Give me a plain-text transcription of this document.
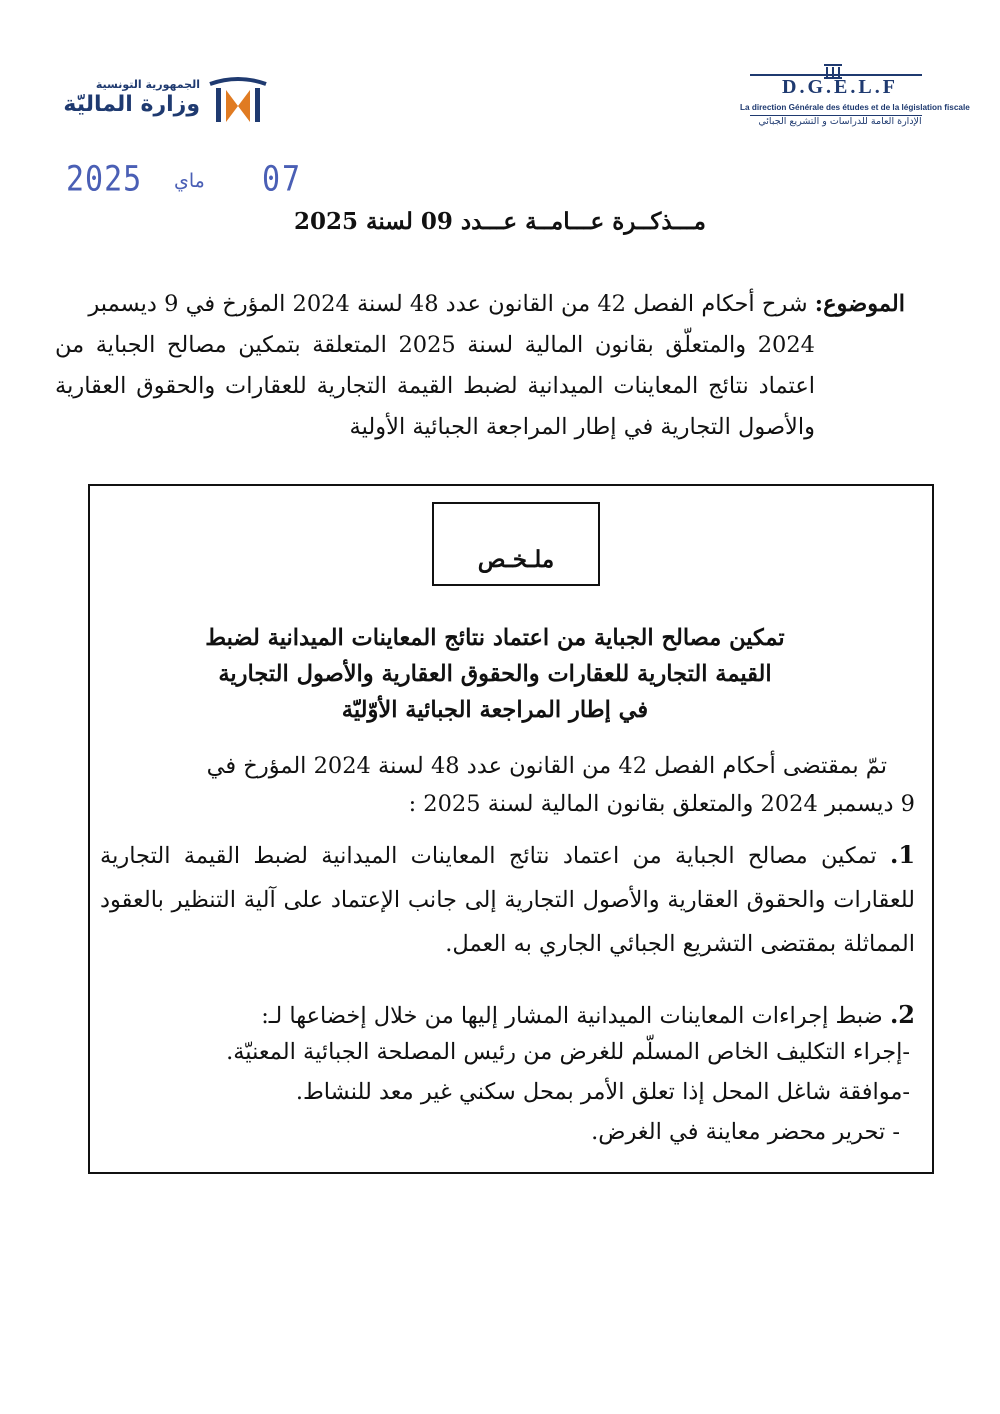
D.G.E.L.F
La direction Générale des études et de la législation fiscale
الإدارة العامة للدراسات و التشريع الجبائي
الجمهورية التونسية
وزارة الماليّة
2025 ماي 07
مـــذكــرة عـــامــة عـــدد 09 لسنة 2025
الموضوع: شرح أحكام الفصل 42 من القانون عدد 48 لسنة 2024 المؤرخ في 9 ديسمبر
2024 والمتعلّق بقانون المالية لسنة 2025 المتعلقة بتمكين مصالح الجباية من اعتماد نتائج المعاينات الميدانية لضبط القيمة التجارية للعقارات والحقوق العقارية والأصول التجارية في إطار المراجعة الجبائية الأولية
ملـخـص
تمكين مصالح الجباية من اعتماد نتائج المعاينات الميدانية لضبط
القيمة التجارية للعقارات والحقوق العقارية والأصول التجارية
في إطار المراجعة الجبائية الأوّليّة
تمّ بمقتضى أحكام الفصل 42 من القانون عدد 48 لسنة 2024 المؤرخ في
9 ديسمبر 2024 والمتعلق بقانون المالية لسنة 2025 :
1. تمكين مصالح الجباية من اعتماد نتائج المعاينات الميدانية لضبط القيمة التجارية للعقارات والحقوق العقارية والأصول التجارية إلى جانب الإعتماد على آلية التنظير بالعقود المماثلة بمقتضى التشريع الجبائي الجاري به العمل.
2. ضبط إجراءات المعاينات الميدانية المشار إليها من خلال إخضاعها لـ:
-إجراء التكليف الخاص المسلّم للغرض من رئيس المصلحة الجبائية المعنيّة.
-موافقة شاغل المحل إذا تعلق الأمر بمحل سكني غير معد للنشاط.
- تحرير محضر معاينة في الغرض.
